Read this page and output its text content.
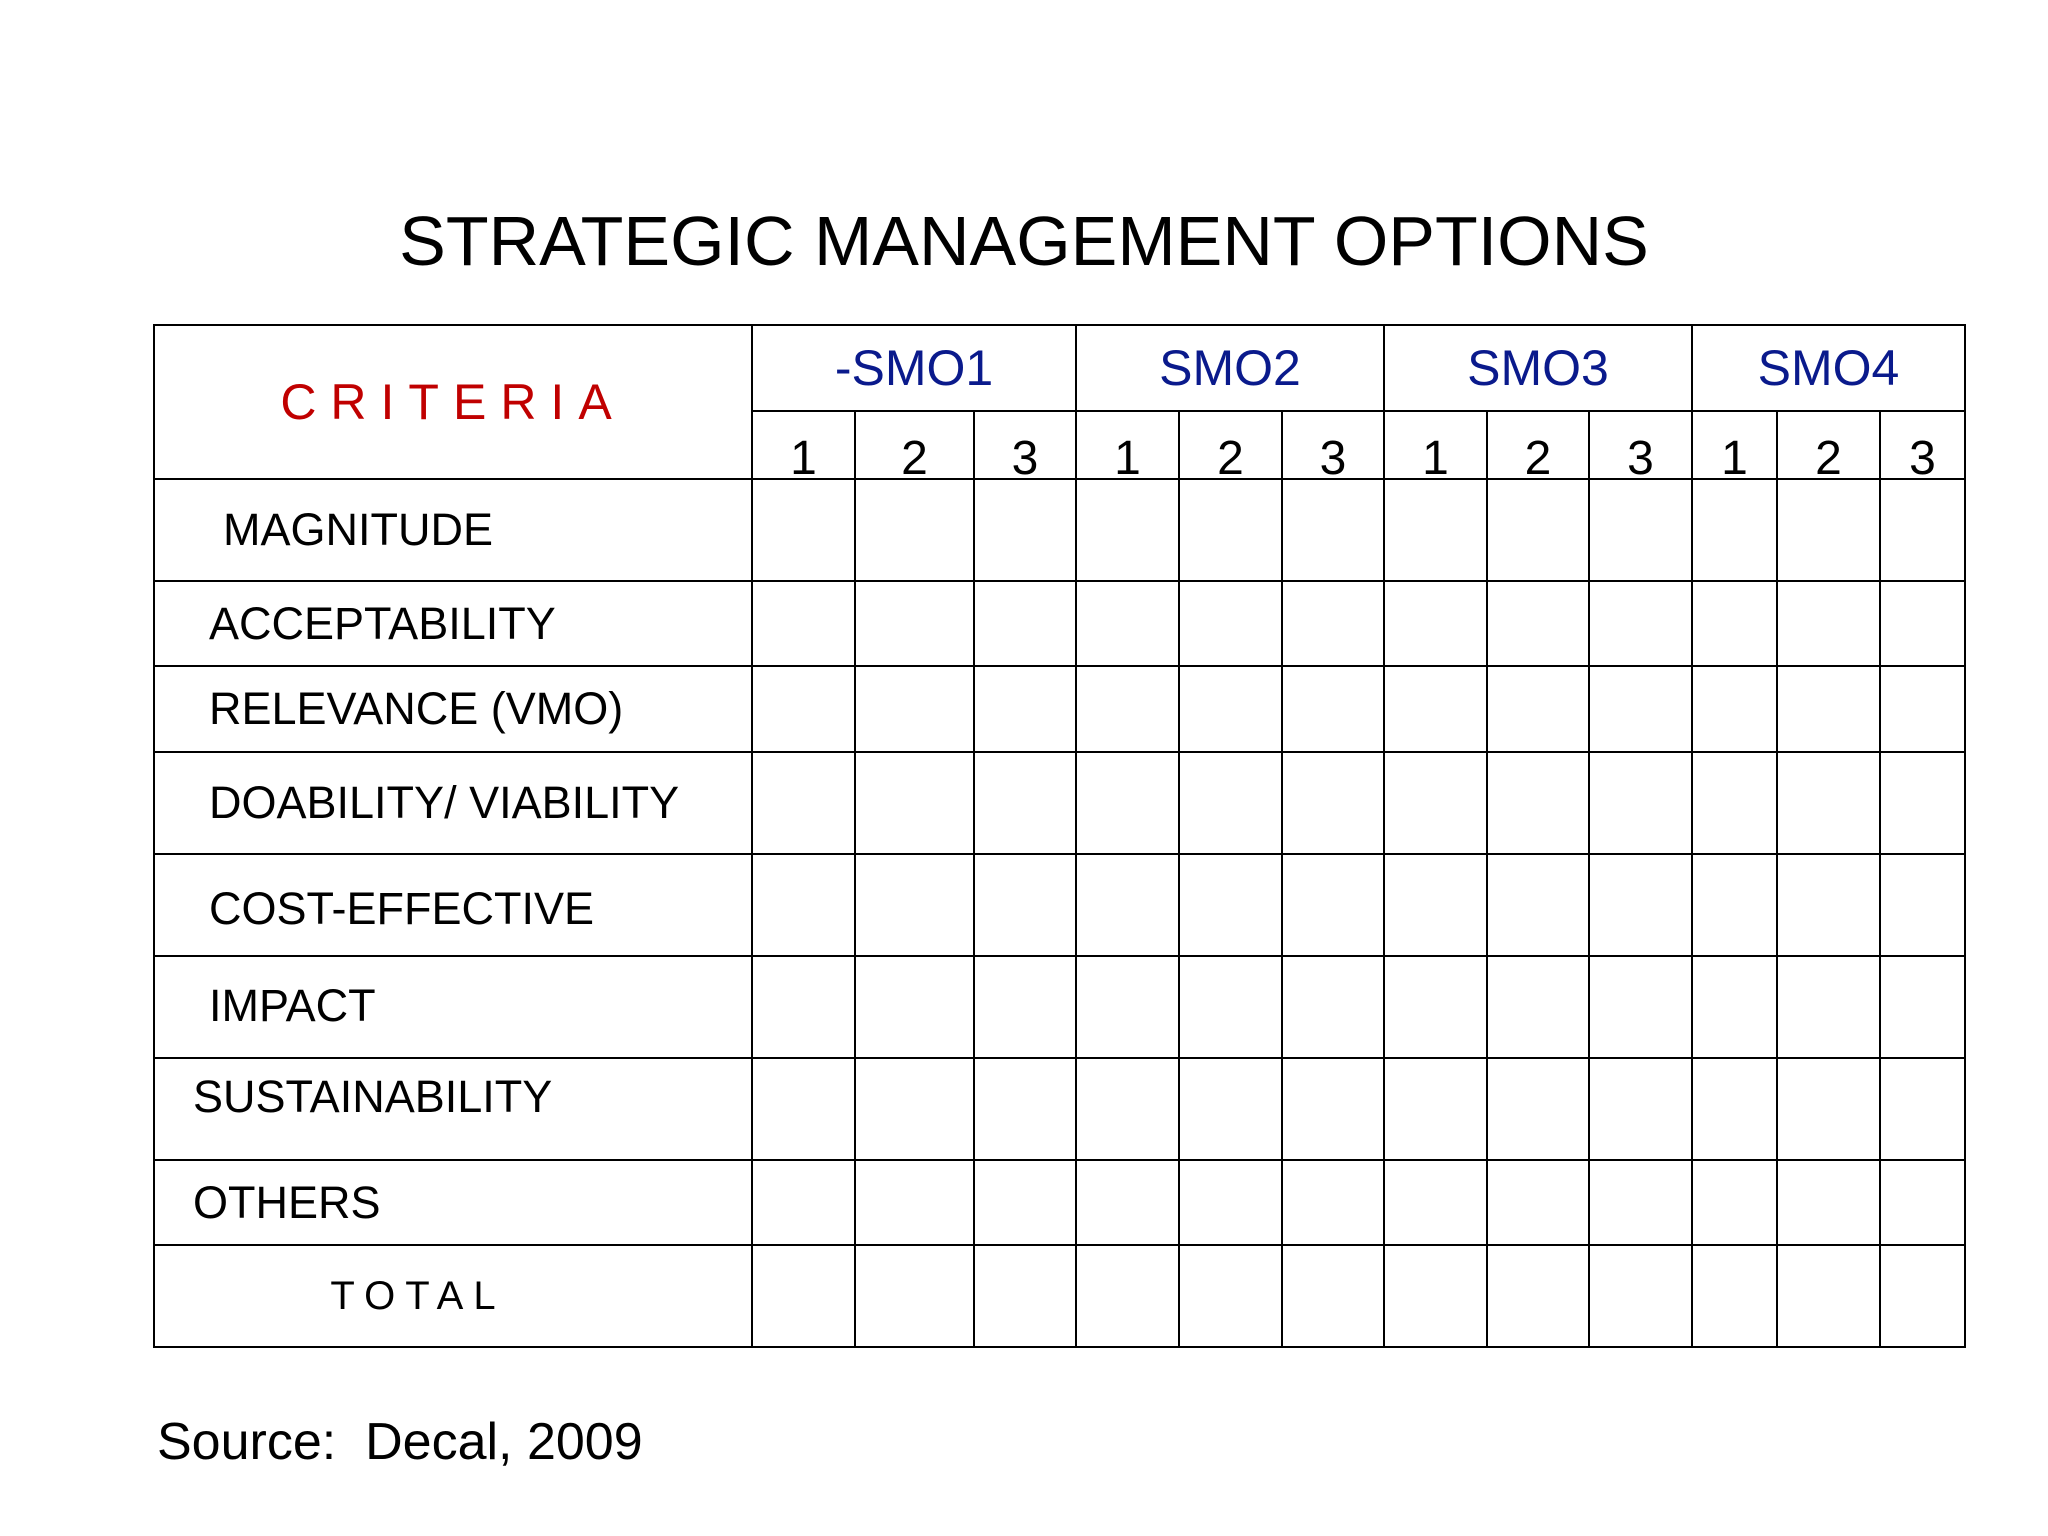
STRATEGIC MANAGEMENT OPTIONS
CRITERIA	-SMO1			SMO2			SMO3			SMO4		
	1	2	3	1	2	3	1	2	3	1	2	3
MAGNITUDE												
ACCEPTABILITY												
RELEVANCE (VMO)												
DOABILITY/ VIABILITY												
COST-EFFECTIVE												
IMPACT												
SUSTAINABILITY												
OTHERS												
TOTAL												
Source:  Decal, 2009
